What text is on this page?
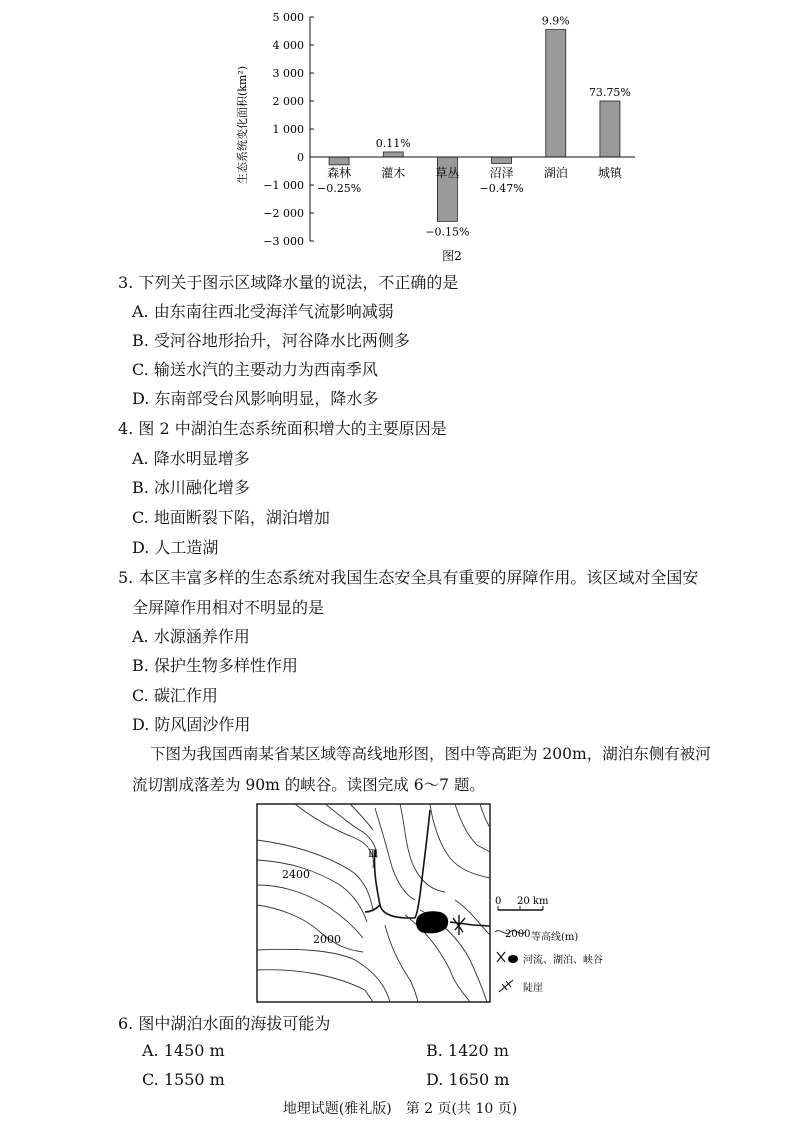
生态系统变化面积(km²)
5 000
4 000
3 000
2 000
1 000
0
−1 000
−2 000
−3 000
森林
−0.25%
灌木
0.11%
草丛
−0.15%
沼泽
−0.47%
湖泊
9.9%
城镇
73.75%
图2
3. 下列关于图示区域降水量的说法，不正确的是
A. 由东南往西北受海洋气流影响减弱
B. 受河谷地形抬升，河谷降水比两侧多
C. 输送水汽的主要动力为西南季风
D. 东南部受台风影响明显，降水多
4. 图 2 中湖泊生态系统面积增大的主要原因是
A. 降水明显增多
B. 冰川融化增多
C. 地面断裂下陷，湖泊增加
D. 人工造湖
5. 本区丰富多样的生态系统对我国生态安全具有重要的屏障作用。该区域对全国安
全屏障作用相对不明显的是
A. 水源涵养作用
B. 保护生物多样性作用
C. 碳汇作用
D. 防风固沙作用
下图为我国西南某省某区域等高线地形图，图中等高距为 200m，湖泊东侧有被河
流切割成落差为 90m 的峡谷。读图完成 6～7 题。
2400
2000
Ⅲ
0 20 km
2000 等高线(m)
河流、湖泊、峡谷
陡崖
6. 图中湖泊水面的海拔可能为
A. 1450 m	B. 1420 m
C. 1550 m	D. 1650 m
地理试题(雅礼版)　第 2 页(共 10 页)
